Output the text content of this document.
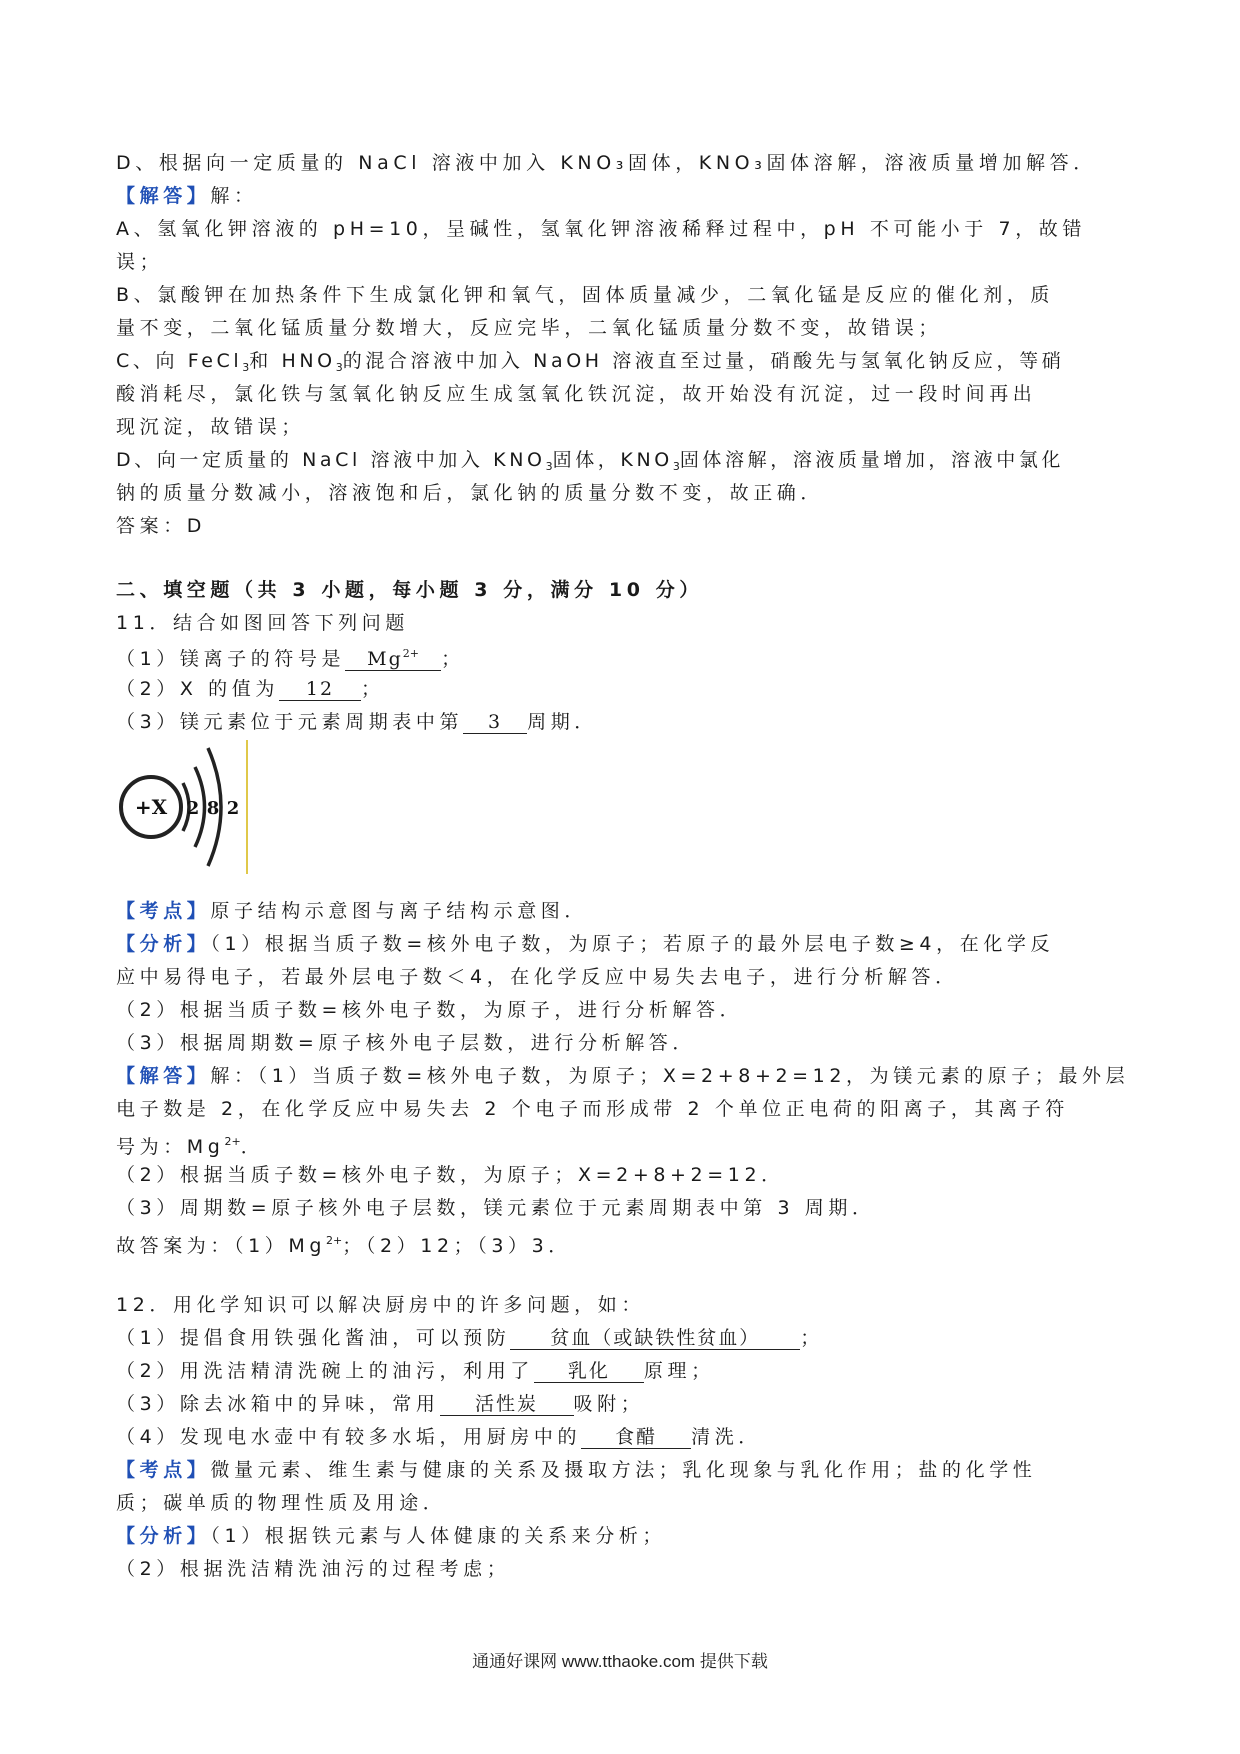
D、根据向一定质量的 NaCl 溶液中加入 KNO₃固体，KNO₃固体溶解，溶液质量增加解答．
【解答】解：
A、氢氧化钾溶液的 pH=10，呈碱性，氢氧化钾溶液稀释过程中，pH 不可能小于 7，故错
误；
B、氯酸钾在加热条件下生成氯化钾和氧气，固体质量减少，二氧化锰是反应的催化剂，质
量不变，二氧化锰质量分数增大，反应完毕，二氧化锰质量分数不变，故错误；
C、向 FeCl$_3$和 $HNO_3$的混合溶液中加入 NaOH 溶液直至过量，硝酸先与氢氧化钠反应，等硝
酸消耗尽，氯化铁与氢氧化钠反应生成氢氧化铁沉淀，故开始没有沉淀，过一段时间再出
现沉淀，故错误；
D、向一定质量的 NaCl 溶液中加入 $KNO_3$固体，$KNO_3$固体溶解，溶液质量增加，溶液中氯化
钠的质量分数减小，溶液饱和后，氯化钠的质量分数不变，故正确．
答案：D
二、填空题（共 3 小题，每小题 3 分，满分 10 分）
11．结合如图回答下列问题
（1）镁离子的符号是 $Mg^{2+}$ ；
（2）X 的值为 12 ；
（3）镁元素位于元素周期表中第 3 周期．
+X 2 8 2
【考点】原子结构示意图与离子结构示意图．
【分析】（1）根据当质子数=核外电子数，为原子；若原子的最外层电子数≥4，在化学反
应中易得电子，若最外层电子数＜4，在化学反应中易失去电子，进行分析解答．
（2）根据当质子数=核外电子数，为原子，进行分析解答．
（3）根据周期数=原子核外电子层数，进行分析解答．
【解答】解：（1）当质子数=核外电子数，为原子；X=2+8+2=12，为镁元素的原子；最外层
电子数是 2，在化学反应中易失去 2 个电子而形成带 2 个单位正电荷的阳离子，其离子符
号为：$Mg^{2+}$．
（2）根据当质子数=核外电子数，为原子；X=2+8+2=12．
（3）周期数=原子核外电子层数，镁元素位于元素周期表中第 3 周期．
故答案为：$(1)Mg^{2+}$；（2）12；（3）3．
12．用化学知识可以解决厨房中的许多问题，如：
（1）提倡食用铁强化酱油，可以预防 贫血（或缺铁性贫血） ；
（2）用洗洁精清洗碗上的油污，利用了 乳化 原理；
（3）除去冰箱中的异味，常用 活性炭 吸附；
（4）发现电水壶中有较多水垢，用厨房中的 食醋 清洗．
【考点】微量元素、维生素与健康的关系及摄取方法；乳化现象与乳化作用；盐的化学性
质；碳单质的物理性质及用途．
【分析】（1）根据铁元素与人体健康的关系来分析；
（2）根据洗洁精洗油污的过程考虑；
通通好课网 www.tthaoke.com 提供下载
